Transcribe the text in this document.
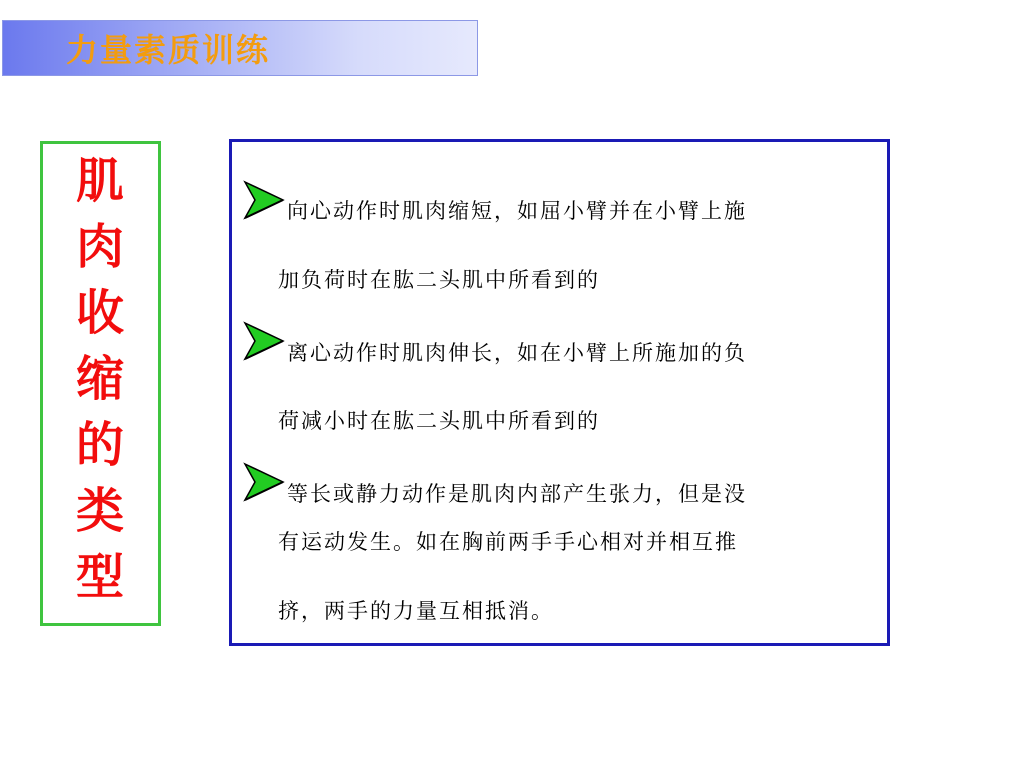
力量素质训练
肌肉收缩的类型
向心动作时肌肉缩短，如屈小臂并在小臂上施
加负荷时在肱二头肌中所看到的
离心动作时肌肉伸长，如在小臂上所施加的负
荷减小时在肱二头肌中所看到的
等长或静力动作是肌肉内部产生张力，但是没
有运动发生。如在胸前两手手心相对并相互推
挤，两手的力量互相抵消。
